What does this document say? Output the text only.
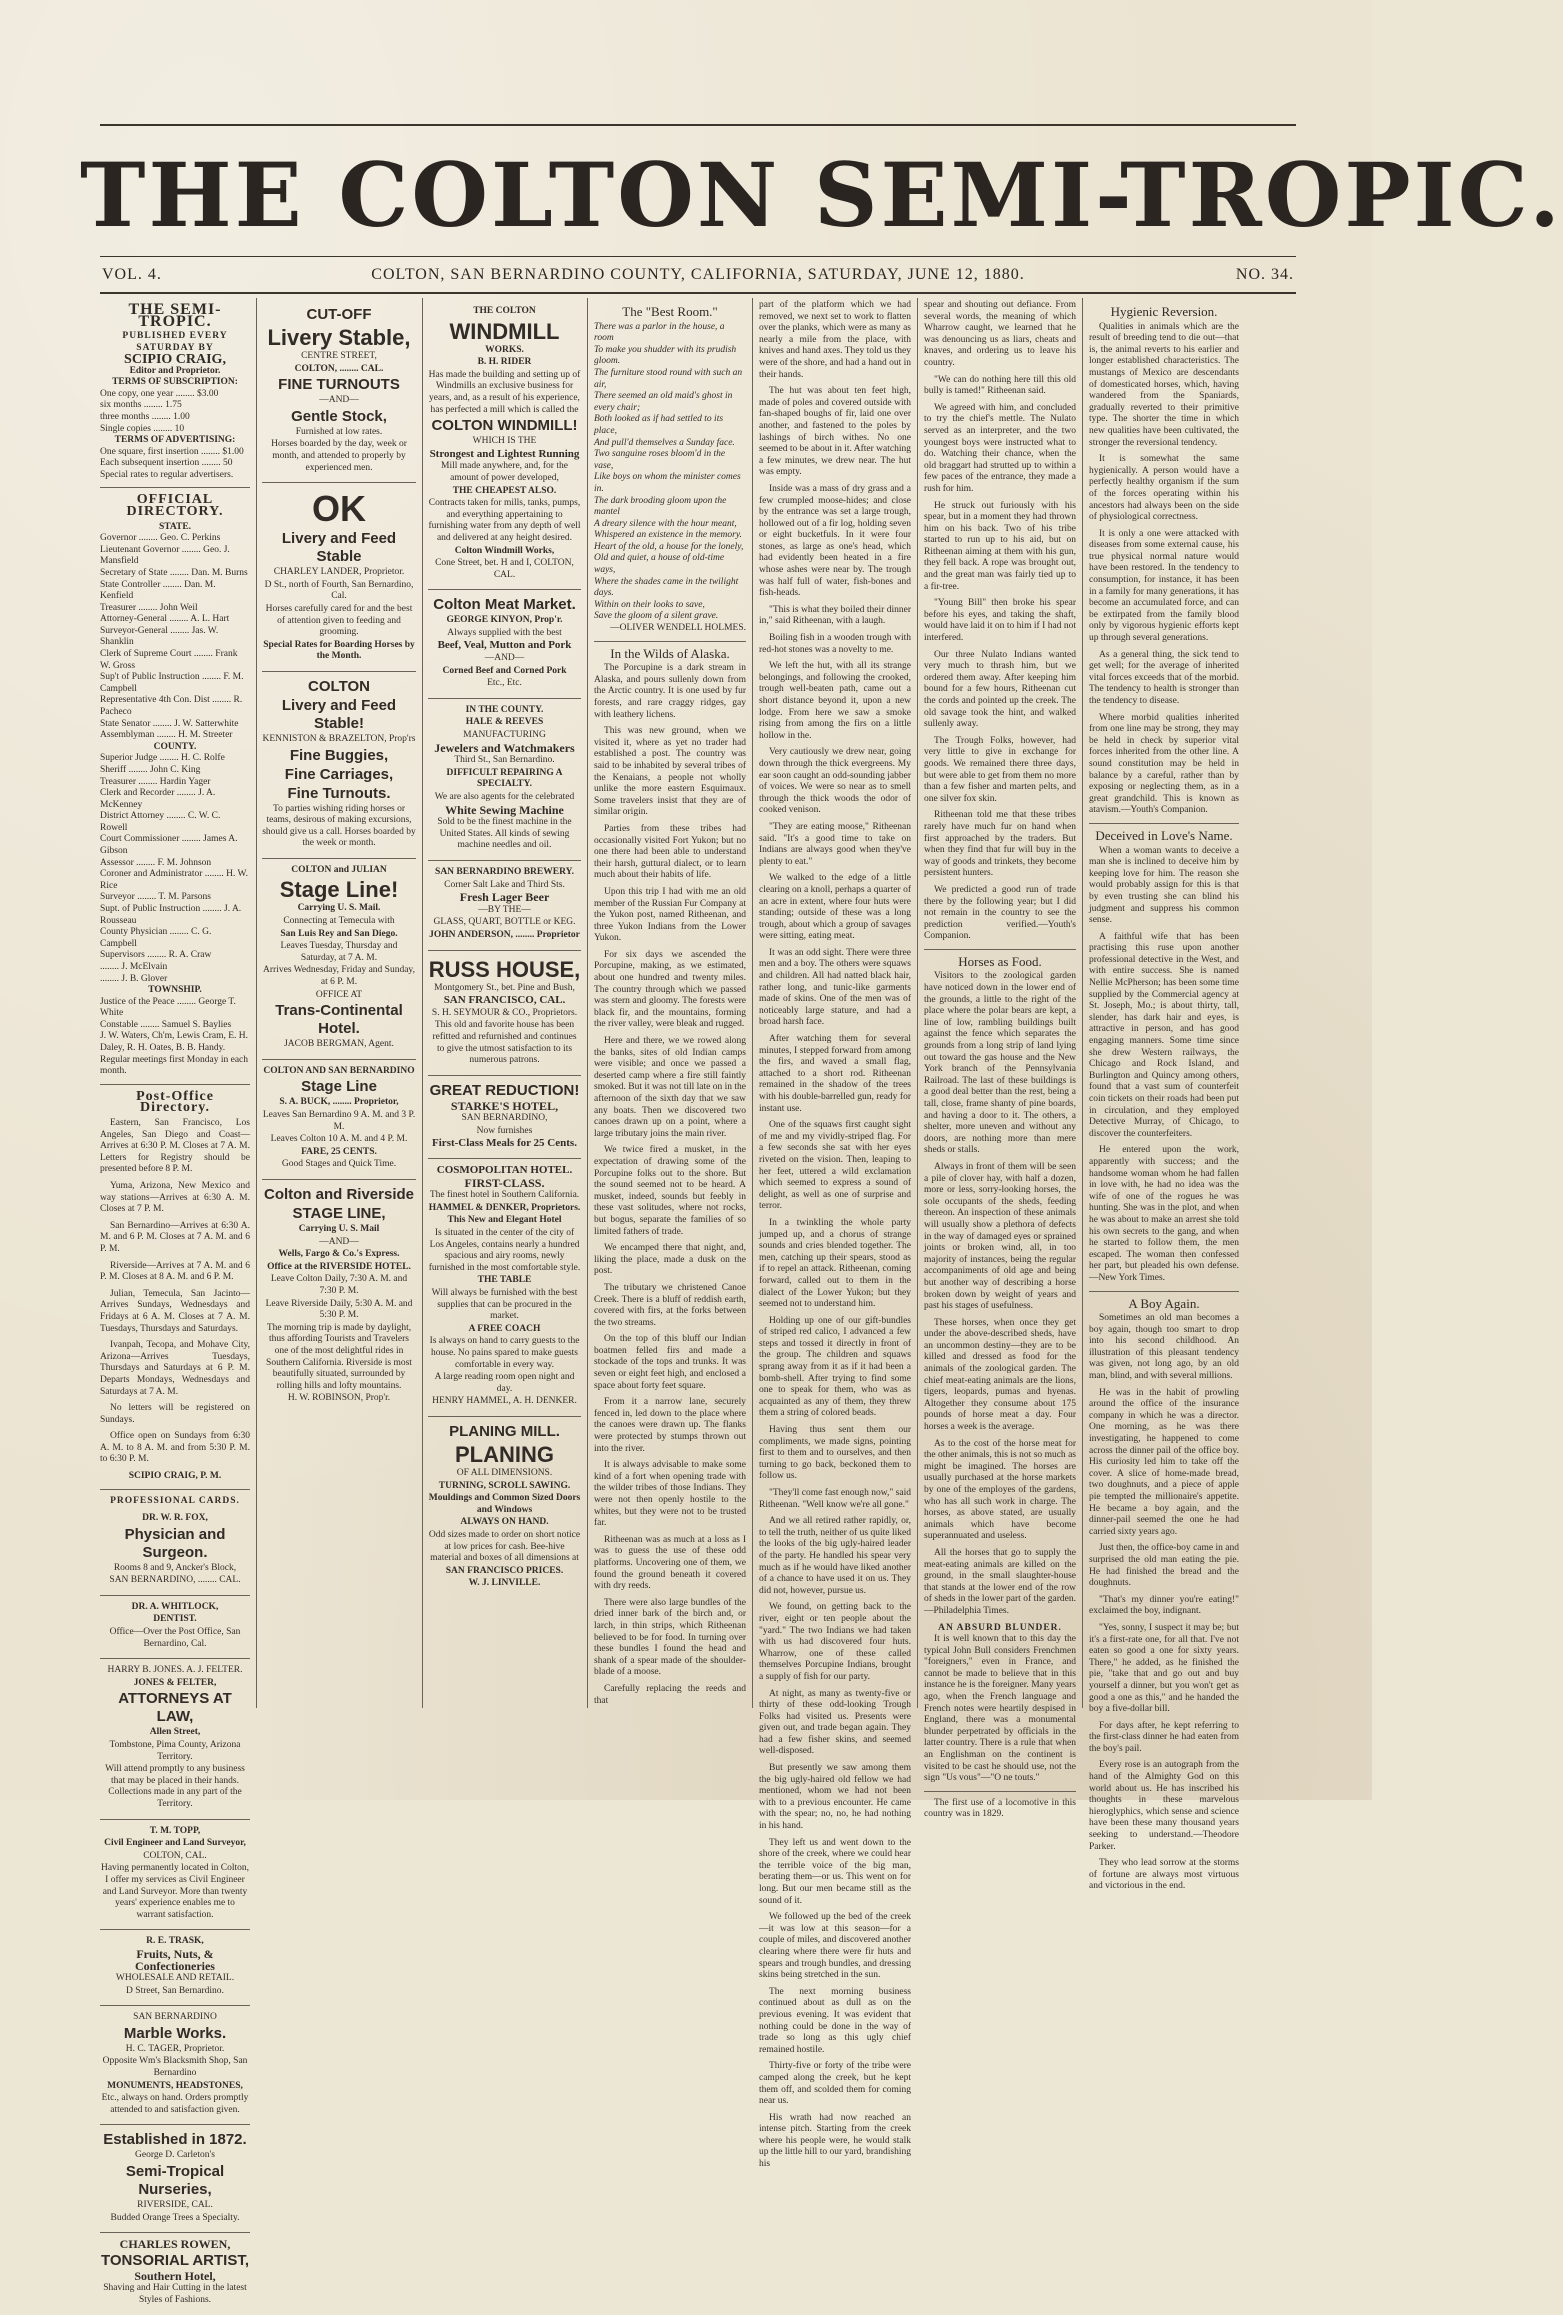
THE COLTON SEMI-TROPIC.
VOL. 4.	COLTON, SAN BERNARDINO COUNTY, CALIFORNIA, SATURDAY, JUNE 12, 1880.	NO. 34.
THE SEMI-TROPIC.
PUBLISHED EVERY SATURDAY BY
SCIPIO CRAIG,
Editor and Proprietor.
TERMS OF SUBSCRIPTION:
One copy, one year ........ $3.00
six months ........ 1.75
three months ........ 1.00
Single copies ........ 10
TERMS OF ADVERTISING:
One square, first insertion ........ $1.00
Each subsequent insertion ........ 50
Special rates to regular advertisers.
OFFICIAL DIRECTORY.
STATE.
Governor ........ Geo. C. Perkins
Lieutenant Governor ........ Geo. J. Mansfield
Secretary of State ........ Dan. M. Burns
State Controller ........ Dan. M. Kenfield
Treasurer ........ John Weil
Attorney-General ........ A. L. Hart
Surveyor-General ........ Jas. W. Shanklin
Clerk of Supreme Court ........ Frank W. Gross
Sup't of Public Instruction ........ F. M. Campbell
Representative 4th Con. Dist ........ R. Pacheco
State Senator ........ J. W. Satterwhite
Assemblyman ........ H. M. Streeter
COUNTY.
Superior Judge ........ H. C. Rolfe
Sheriff ........ John C. King
Treasurer ........ Hardin Yager
Clerk and Recorder ........ J. A. McKenney
District Attorney ........ C. W. C. Rowell
Court Commissioner ........ James A. Gibson
Assessor ........ F. M. Johnson
Coroner and Administrator ........ H. W. Rice
Surveyor ........ T. M. Parsons
Supt. of Public Instruction ........ J. A. Rousseau
County Physician ........ C. G. Campbell
Supervisors ........ R. A. Craw
........ J. McElvain
........ J. B. Glover
TOWNSHIP.
Justice of the Peace ........ George T. White
Constable ........ Samuel S. Baylies
J. W. Waters, Ch'm, Lewis Cram, E. H. Daley, R. H. Oates, B. B. Handy.
Regular meetings first Monday in each month.
Post-Office Directory.

Eastern, San Francisco, Los Angeles, San Diego and Coast—Arrives at 6:30 P. M. Closes at 7 A. M. Letters for Registry should be presented before 8 P. M.

Yuma, Arizona, New Mexico and way stations—Arrives at 6:30 A. M. Closes at 7 P. M.

San Bernardino—Arrives at 6:30 A. M. and 6 P. M. Closes at 7 A. M. and 6 P. M.

Riverside—Arrives at 7 A. M. and 6 P. M. Closes at 8 A. M. and 6 P. M.

Julian, Temecula, San Jacinto—Arrives Sundays, Wednesdays and Fridays at 6 A. M. Closes at 7 A. M. Tuesdays, Thursdays and Saturdays.

Ivanpah, Tecopa, and Mohave City, Arizona—Arrives Tuesdays, Thursdays and Saturdays at 6 P. M. Departs Mondays, Wednesdays and Saturdays at 7 A. M.

No letters will be registered on Sundays.

Office open on Sundays from 6:30 A. M. to 8 A. M. and from 5:30 P. M. to 6:30 P. M.

SCIPIO CRAIG, P. M.
PROFESSIONAL CARDS.
DR. W. R. FOX,
Physician and Surgeon.
Rooms 8 and 9, Ancker's Block,
SAN BERNARDINO, ........ CAL.
DR. A. WHITLOCK,
DENTIST.
Office—Over the Post Office, San Bernardino, Cal.
HARRY B. JONES. A. J. FELTER.
JONES & FELTER,
ATTORNEYS AT LAW,
Allen Street,
Tombstone, Pima County, Arizona Territory.
Will attend promptly to any business that may be placed in their hands. Collections made in any part of the Territory.
T. M. TOPP,
Civil Engineer and Land Surveyor,
COLTON, CAL.
Having permanently located in Colton, I offer my services as Civil Engineer and Land Surveyor. More than twenty years' experience enables me to warrant satisfaction.
R. E. TRASK,
Fruits, Nuts, & Confectioneries
WHOLESALE AND RETAIL.
D Street, San Bernardino.
SAN BERNARDINO
Marble Works.
H. C. TAGER, Proprietor.
Opposite Wm's Blacksmith Shop, San Bernardino
MONUMENTS, HEADSTONES,
Etc., always on hand. Orders promptly attended to and satisfaction given.
Established in 1872.
George D. Carleton's
Semi-Tropical Nurseries,
RIVERSIDE, CAL.
Budded Orange Trees a Specialty.
CHARLES ROWEN,
TONSORIAL ARTIST,
Southern Hotel,
Shaving and Hair Cutting in the latest Styles of Fashions.
CUT-OFF
Livery Stable,
CENTRE STREET,
COLTON, ........ CAL.
FINE TURNOUTS
—AND—
Gentle Stock,
Furnished at low rates.
Horses boarded by the day, week or month, and attended to properly by experienced men.
OK
Livery and Feed Stable
CHARLEY LANDER, Proprietor.
D St., north of Fourth, San Bernardino, Cal.
Horses carefully cared for and the best of attention given to feeding and grooming.
Special Rates for Boarding Horses by the Month.
COLTON
Livery and Feed Stable!
KENNISTON & BRAZELTON, Prop'rs
Fine Buggies,
Fine Carriages,
Fine Turnouts.
To parties wishing riding horses or teams, desirous of making excursions, should give us a call. Horses boarded by the week or month.
COLTON and JULIAN
Stage Line!
Carrying U. S. Mail.
Connecting at Temecula with
San Luis Rey and San Diego.
Leaves Tuesday, Thursday and Saturday, at 7 A. M.
Arrives Wednesday, Friday and Sunday, at 6 P. M.
OFFICE AT
Trans-Continental Hotel.
JACOB BERGMAN, Agent.
COLTON AND SAN BERNARDINO
Stage Line
S. A. BUCK, ........ Proprietor,
Leaves San Bernardino 9 A. M. and 3 P. M.
Leaves Colton 10 A. M. and 4 P. M.
FARE, 25 CENTS.
Good Stages and Quick Time.
Colton and Riverside
STAGE LINE,
Carrying U. S. Mail
—AND—
Wells, Fargo & Co.'s Express.
Office at the RIVERSIDE HOTEL.
Leave Colton Daily, 7:30 A. M. and 7:30 P. M.
Leave Riverside Daily, 5:30 A. M. and 5:30 P. M.
The morning trip is made by daylight, thus affording Tourists and Travelers one of the most delightful rides in Southern California. Riverside is most beautifully situated, surrounded by rolling hills and lofty mountains.
H. W. ROBINSON, Prop'r.
THE COLTON
WINDMILL
WORKS.
B. H. RIDER
Has made the building and setting up of Windmills an exclusive business for years, and, as a result of his experience, has perfected a mill which is called the
COLTON WINDMILL!
WHICH IS THE
Strongest and Lightest Running
Mill made anywhere, and, for the amount of power developed,
THE CHEAPEST ALSO.
Contracts taken for mills, tanks, pumps, and everything appertaining to furnishing water from any depth of well and delivered at any height desired.
Colton Windmill Works,
Cone Street, bet. H and I, COLTON, CAL.
Colton Meat Market.
GEORGE KINYON, Prop'r.
Always supplied with the best
Beef, Veal, Mutton and Pork
—AND—
Corned Beef and Corned Pork
Etc., Etc.
IN THE COUNTY.
HALE & REEVES
MANUFACTURING
Jewelers and Watchmakers
Third St., San Bernardino.
DIFFICULT REPAIRING A SPECIALTY.
We are also agents for the celebrated
White Sewing Machine
Sold to be the finest machine in the United States. All kinds of sewing machine needles and oil.
SAN BERNARDINO BREWERY.
Corner Salt Lake and Third Sts.
Fresh Lager Beer
—BY THE—
GLASS, QUART, BOTTLE or KEG.
JOHN ANDERSON, ........ Proprietor
RUSS HOUSE,
Montgomery St., bet. Pine and Bush,
SAN FRANCISCO, CAL.
S. H. SEYMOUR & CO., Proprietors.
This old and favorite house has been refitted and refurnished and continues to give the utmost satisfaction to its numerous patrons.
GREAT REDUCTION!
STARKE'S HOTEL,
SAN BERNARDINO,
Now furnishes
First-Class Meals for 25 Cents.
COSMOPOLITAN HOTEL.
FIRST-CLASS.
The finest hotel in Southern California.
HAMMEL & DENKER, Proprietors.
This New and Elegant Hotel
Is situated in the center of the city of Los Angeles, contains nearly a hundred spacious and airy rooms, newly furnished in the most comfortable style.
THE TABLE
Will always be furnished with the best supplies that can be procured in the market.
A FREE COACH
Is always on hand to carry guests to the house. No pains spared to make guests comfortable in every way.
A large reading room open night and day.
HENRY HAMMEL, A. H. DENKER.
PLANING MILL.
PLANING
OF ALL DIMENSIONS.
TURNING, SCROLL SAWING.
Mouldings and Common Sized Doors and Windows
ALWAYS ON HAND.
Odd sizes made to order on short notice at low prices for cash. Bee-hive material and boxes of all dimensions at
SAN FRANCISCO PRICES.
W. J. LINVILLE.
The "Best Room."
There was a parlor in the house, a room
To make you shudder with its prudish gloom.
The furniture stood round with such an air,
There seemed an old maid's ghost in every chair;
Both looked as if had settled to its place,
And pull'd themselves a Sunday face.
Two sanguine roses bloom'd in the vase,
Like boys on whom the minister comes in.
The dark brooding gloom upon the mantel
A dreary silence with the hour meant,
Whispered an existence in the memory.
Heart of the old, a house for the lonely,
Old and quiet, a house of old-time ways,
Where the shades came in the twilight days.
Within on their looks to save,
Save the gloom of a silent grave.
—OLIVER WENDELL HOLMES.
In the Wilds of Alaska.

The Porcupine is a dark stream in Alaska, and pours sullenly down from the Arctic country. It is one used by fur forests, and rare craggy ridges, gay with leathery lichens.

This was new ground, when we visited it, where as yet no trader had established a post. The country was said to be inhabited by several tribes of the Kenaians, a people not wholly unlike the more eastern Esquimaux. Some travelers insist that they are of similar origin.

Parties from these tribes had occasionally visited Fort Yukon; but no one there had been able to understand their harsh, guttural dialect, or to learn much about their habits of life.

Upon this trip I had with me an old member of the Russian Fur Company at the Yukon post, named Ritheenan, and three Yukon Indians from the Lower Yukon.

For six days we ascended the Porcupine, making, as we estimated, about one hundred and twenty miles. The country through which we passed was stern and gloomy. The forests were black fir, and the mountains, forming the river valley, were bleak and rugged.

Here and there, we we rowed along the banks, sites of old Indian camps were visible; and once we passed a deserted camp where a fire still faintly smoked. But it was not till late on in the afternoon of the sixth day that we saw any boats. Then we discovered two canoes drawn up on a point, where a large tributary joins the main river.

We twice fired a musket, in the expectation of drawing some of the Porcupine folks out to the shore. But the sound seemed not to be heard. A musket, indeed, sounds but feebly in these vast solitudes, where not rocks, but bogus, separate the families of so limited fathers of trade.

We encamped there that night, and, liking the place, made a dusk on the post.

The tributary we christened Canoe Creek. There is a bluff of reddish earth, covered with firs, at the forks between the two streams.

On the top of this bluff our Indian boatmen felled firs and made a stockade of the tops and trunks. It was seven or eight feet high, and enclosed a space about forty feet square.

From it a narrow lane, securely fenced in, led down to the place where the canoes were drawn up. The flanks were protected by stumps thrown out into the river.

It is always advisable to make some kind of a fort when opening trade with the wilder tribes of those Indians. They were not then openly hostile to the whites, but they were not to be trusted far.

Ritheenan was as much at a loss as I was to guess the use of these odd platforms. Uncovering one of them, we found the ground beneath it covered with dry reeds.

There were also large bundles of the dried inner bark of the birch and, or larch, in thin strips, which Ritheenan believed to be for food. In turning over these bundles I found the head and shank of a spear made of the shoulder-blade of a moose.

Carefully replacing the reeds and that

part of the platform which we had removed, we next set to work to flatten over the planks, which were as many as nearly a mile from the place, with knives and hand axes. They told us they were of the shore, and had a hand out in their hands.

The hut was about ten feet high, made of poles and covered outside with fan-shaped boughs of fir, laid one over another, and fastened to the poles by lashings of birch withes. No one seemed to be about in it. After watching a few minutes, we drew near. The hut was empty.

Inside was a mass of dry grass and a few crumpled moose-hides; and close by the entrance was set a large trough, hollowed out of a fir log, holding seven or eight bucketfuls. In it were four stones, as large as one's head, which had evidently been heated in a fire whose ashes were near by. The trough was half full of water, fish-bones and fish-heads.

"This is what they boiled their dinner in," said Ritheenan, with a laugh.

Boiling fish in a wooden trough with red-hot stones was a novelty to me.

We left the hut, with all its strange belongings, and following the crooked, trough well-beaten path, came out a short distance beyond it, upon a new lodge. From here we saw a smoke rising from among the firs on a little hollow in the.

Very cautiously we drew near, going down through the thick evergreens. My ear soon caught an odd-sounding jabber of voices. We were so near as to smell through the thick woods the odor of cooked venison.

"They are eating moose," Ritheenan said. "It's a good time to take on Indians are always good when they've plenty to eat."

We walked to the edge of a little clearing on a knoll, perhaps a quarter of an acre in extent, where four huts were standing; outside of these was a long trough, about which a group of savages were sitting, eating meat.

It was an odd sight. There were three men and a boy. The others were squaws and children. All had natted black hair, rather long, and tunic-like garments made of skins. One of the men was of noticeably large stature, and had a broad harsh face.

After watching them for several minutes, I stepped forward from among the firs, and waved a small flag, attached to a short rod. Ritheenan remained in the shadow of the trees with his double-barrelled gun, ready for instant use.

One of the squaws first caught sight of me and my vividly-striped flag. For a few seconds she sat with her eyes riveted on the vision. Then, leaping to her feet, uttered a wild exclamation which seemed to express a sound of delight, as well as one of surprise and terror.

In a twinkling the whole party jumped up, and a chorus of strange sounds and cries blended together. The men, catching up their spears, stood as if to repel an attack. Ritheenan, coming forward, called out to them in the dialect of the Lower Yukon; but they seemed not to understand him.

Holding up one of our gift-bundles of striped red calico, I advanced a few steps and tossed it directly in front of the group. The children and squaws sprang away from it as if it had been a bomb-shell. After trying to find some one to speak for them, who was as acquainted as any of them, they threw them a string of colored beads.

Having thus sent them our compliments, we made signs, pointing first to them and to ourselves, and then turning to go back, beckoned them to follow us.

"They'll come fast enough now," said Ritheenan. "Well know we're all gone."

And we all retired rather rapidly, or, to tell the truth, neither of us quite liked the looks of the big ugly-haired leader of the party. He handled his spear very much as if he would have liked another of a chance to have used it on us. They did not, however, pursue us.

We found, on getting back to the river, eight or ten people about the "yard." The two Indians we had taken with us had discovered four huts. Wharrow, one of these called themselves Porcupine Indians, brought a supply of fish for our party.

At night, as many as twenty-five or thirty of these odd-looking Trough Folks had visited us. Presents were given out, and trade began again. They had a few fisher skins, and seemed well-disposed.

But presently we saw among them the big ugly-haired old fellow we had mentioned, whom we had not been with to a previous encounter. He came with the spear; no, no, he had nothing in his hand.

They left us and went down to the shore of the creek, where we could hear the terrible voice of the big man, berating them—or us. This went on for long. But our men became still as the sound of it.

We followed up the bed of the creek—it was low at this season—for a couple of miles, and discovered another clearing where there were fir huts and spears and trough bundles, and dressing skins being stretched in the sun.

The next morning business continued about as dull as on the previous evening. It was evident that nothing could be done in the way of trade so long as this ugly chief remained hostile.

Thirty-five or forty of the tribe were camped along the creek, but he kept them off, and scolded them for coming near us.

His wrath had now reached an intense pitch. Starting from the creek where his people were, he would stalk up the little hill to our yard, brandishing his

spear and shouting out defiance. From several words, the meaning of which Wharrow caught, we learned that he was denouncing us as liars, cheats and knaves, and ordering us to leave his country.

"We can do nothing here till this old bully is tamed!" Ritheenan said.

We agreed with him, and concluded to try the chief's mettle. The Nulato served as an interpreter, and the two youngest boys were instructed what to do. Watching their chance, when the old braggart had strutted up to within a few paces of the entrance, they made a rush for him.

He struck out furiously with his spear, but in a moment they had thrown him on his back. Two of his tribe started to run up to his aid, but on Ritheenan aiming at them with his gun, they fell back. A rope was brought out, and the great man was fairly tied up to a fir-tree.

"Young Bill" then broke his spear before his eyes, and taking the shaft, would have laid it on to him if I had not interfered.

Our three Nulato Indians wanted very much to thrash him, but we ordered them away. After keeping him bound for a few hours, Ritheenan cut the cords and pointed up the creek. The old savage took the hint, and walked sullenly away.

The Trough Folks, however, had very little to give in exchange for goods. We remained there three days, but were able to get from them no more than a few fisher and marten pelts, and one silver fox skin.

Ritheenan told me that these tribes rarely have much fur on hand when first approached by the traders. But when they find that fur will buy in the way of goods and trinkets, they become persistent hunters.

We predicted a good run of trade there by the following year; but I did not remain in the country to see the prediction verified.—Youth's Companion.

Horses as Food.

Visitors to the zoological garden have noticed down in the lower end of the grounds, a little to the right of the place where the polar bears are kept, a line of low, rambling buildings built against the fence which separates the grounds from a long strip of land lying out toward the gas house and the New York branch of the Pennsylvania Railroad. The last of these buildings is a good deal better than the rest, being a tall, close, frame shanty of pine boards, and having a door to it. The others, a shelter, more uneven and without any doors, are nothing more than mere sheds or stalls.

Always in front of them will be seen a pile of clover hay, with half a dozen, more or less, sorry-looking horses, the sole occupants of the sheds, feeding thereon. An inspection of these animals will usually show a plethora of defects in the way of damaged eyes or sprained joints or broken wind, all, in too majority of instances, being the regular accompaniments of old age and being but another way of describing a horse broken down by weight of years and past his stages of usefulness.

These horses, when once they get under the above-described sheds, have an uncommon destiny—they are to be killed and dressed as food for the animals of the zoological garden. The chief meat-eating animals are the lions, tigers, leopards, pumas and hyenas. Altogether they consume about 175 pounds of horse meat a day. Four horses a week is the average.

As to the cost of the horse meat for the other animals, this is not so much as might be imagined. The horses are usually purchased at the horse markets by one of the employes of the gardens, who has all such work in charge. The horses, as above stated, are usually animals which have become superannuated and useless.

All the horses that go to supply the meat-eating animals are killed on the ground, in the small slaughter-house that stands at the lower end of the row of sheds in the lower part of the garden.—Philadelphia Times.

AN ABSURD BLUNDER.

It is well known that to this day the typical John Bull considers Frenchmen "foreigners," even in France, and cannot be made to believe that in this instance he is the foreigner. Many years ago, when the French language and French notes were heartily despised in England, there was a monumental blunder perpetrated by officials in the latter country. There is a rule that when an Englishman on the continent is visited to be cast he should use, not the sign "Us vous"—"O ne touts."

The first use of a locomotive in this country was in 1829.

Hygienic Reversion.

Qualities in animals which are the result of breeding tend to die out—that is, the animal reverts to his earlier and longer established characteristics. The mustangs of Mexico are descendants of domesticated horses, which, having wandered from the Spaniards, gradually reverted to their primitive type. The shorter the time in which new qualities have been cultivated, the stronger the reversional tendency.

It is somewhat the same hygienically. A person would have a perfectly healthy organism if the sum of the forces operating within his ancestors had always been on the side of physiological correctness.

It is only a one were attacked with diseases from some external cause, his true physical normal nature would have been restored. In the tendency to consumption, for instance, it has been in a family for many generations, it has become an accumulated force, and can be extirpated from the family blood only by vigorous hygienic efforts kept up through several generations.

As a general thing, the sick tend to get well; for the average of inherited vital forces exceeds that of the morbid. The tendency to health is stronger than the tendency to disease.

Where morbid qualities inherited from one line may be strong, they may be held in check by superior vital forces inherited from the other line. A sound constitution may be held in balance by a careful, rather than by exposing or neglecting them, as in a great grandchild. This is known as atavism.—Youth's Companion.

Deceived in Love's Name.

When a woman wants to deceive a man she is inclined to deceive him by keeping love for him. The reason she would probably assign for this is that by even trusting she can blind his judgment and suppress his common sense.

A faithful wife that has been practising this ruse upon another professional detective in the West, and with entire success. She is named Nellie McPherson; has been some time supplied by the Commercial agency at St. Joseph, Mo.; is about thirty, tall, slender, has dark hair and eyes, is attractive in person, and has good engaging manners. Some time since she drew Western railways, the Chicago and Rock Island, and Burlington and Quincy among others, found that a vast sum of counterfeit coin tickets on their roads had been put in circulation, and they employed Detective Murray, of Chicago, to discover the counterfeiters.

He entered upon the work, apparently with success; and the handsome woman whom he had fallen in love with, he had no idea was the wife of one of the rogues he was hunting. She was in the plot, and when he was about to make an arrest she told his own secrets to the gang, and when he started to follow them, the men escaped. The woman then confessed her part, but pleaded his own defense.—New York Times.

A Boy Again.

Sometimes an old man becomes a boy again, though too smart to drop into his second childhood. An illustration of this pleasant tendency was given, not long ago, by an old man, blind, and with several millions.

He was in the habit of prowling around the office of the insurance company in which he was a director. One morning, as he was there investigating, he happened to come across the dinner pail of the office boy. His curiosity led him to take off the cover. A slice of home-made bread, two doughnuts, and a piece of apple pie tempted the millionaire's appetite. He became a boy again, and the dinner-pail seemed the one he had carried sixty years ago.

Just then, the office-boy came in and surprised the old man eating the pie. He had finished the bread and the doughnuts.

"That's my dinner you're eating!" exclaimed the boy, indignant.

"Yes, sonny, I suspect it may be; but it's a first-rate one, for all that. I've not eaten so good a one for sixty years. There," he added, as he finished the pie, "take that and go out and buy yourself a dinner, but you won't get as good a one as this," and he handed the boy a five-dollar bill.

For days after, he kept referring to the first-class dinner he had eaten from the boy's pail.

Every rose is an autograph from the hand of the Almighty God on this world about us. He has inscribed his thoughts in these marvelous hieroglyphics, which sense and science have been these many thousand years seeking to understand.—Theodore Parker.

They who lead sorrow at the storms of fortune are always most virtuous and victorious in the end.
